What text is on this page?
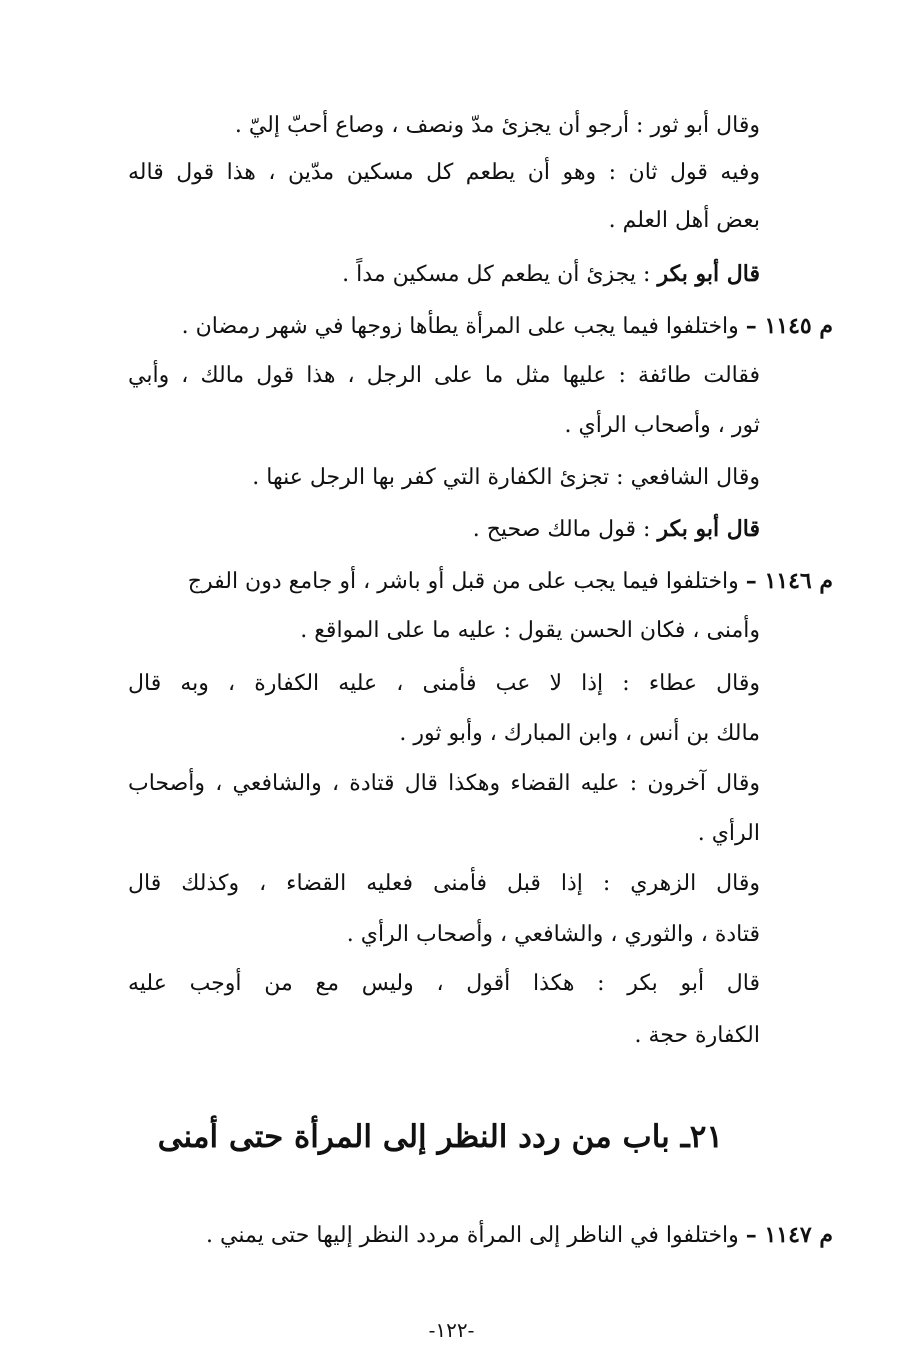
وقال أبو ثور : أرجو أن يجزئ مدّ ونصف ، وصاع أحبّ إليّ .
وفيه قول ثان : وهو أن يطعم كل مسكين مدّين ، هذا قول قاله
بعض أهل العلم .
قال أبو بكر : يجزئ أن يطعم كل مسكين مداً .
م ١١٤٥ – واختلفوا فيما يجب على المرأة يطأها زوجها في شهر رمضان .
فقالت طائفة : عليها مثل ما على الرجل ، هذا قول مالك ، وأبي
ثور ، وأصحاب الرأي .
وقال الشافعي : تجزئ الكفارة التي كفر بها الرجل عنها .
قال أبو بكر : قول مالك صحيح .
م ١١٤٦ – واختلفوا فيما يجب على من قبل أو باشر ، أو جامع دون الفرج
وأمنى ، فكان الحسن يقول : عليه ما على المواقع .
وقال عطاء : إذا لا عب فأمنى ، عليه الكفارة ، وبه قال
مالك بن أنس ، وابن المبارك ، وأبو ثور .
وقال آخرون : عليه القضاء وهكذا قال قتادة ، والشافعي ، وأصحاب
الرأي .
وقال الزهري : إذا قبل فأمنى فعليه القضاء ، وكذلك قال
قتادة ، والثوري ، والشافعي ، وأصحاب الرأي .
قال أبو بكر : هكذا أقول ، وليس مع من أوجب عليه
الكفارة حجة .
٢١ـ باب من ردد النظر إلى المرأة حتى أمنى
م ١١٤٧ – واختلفوا في الناظر إلى المرأة مردد النظر إليها حتى يمني .
-١٢٢-
